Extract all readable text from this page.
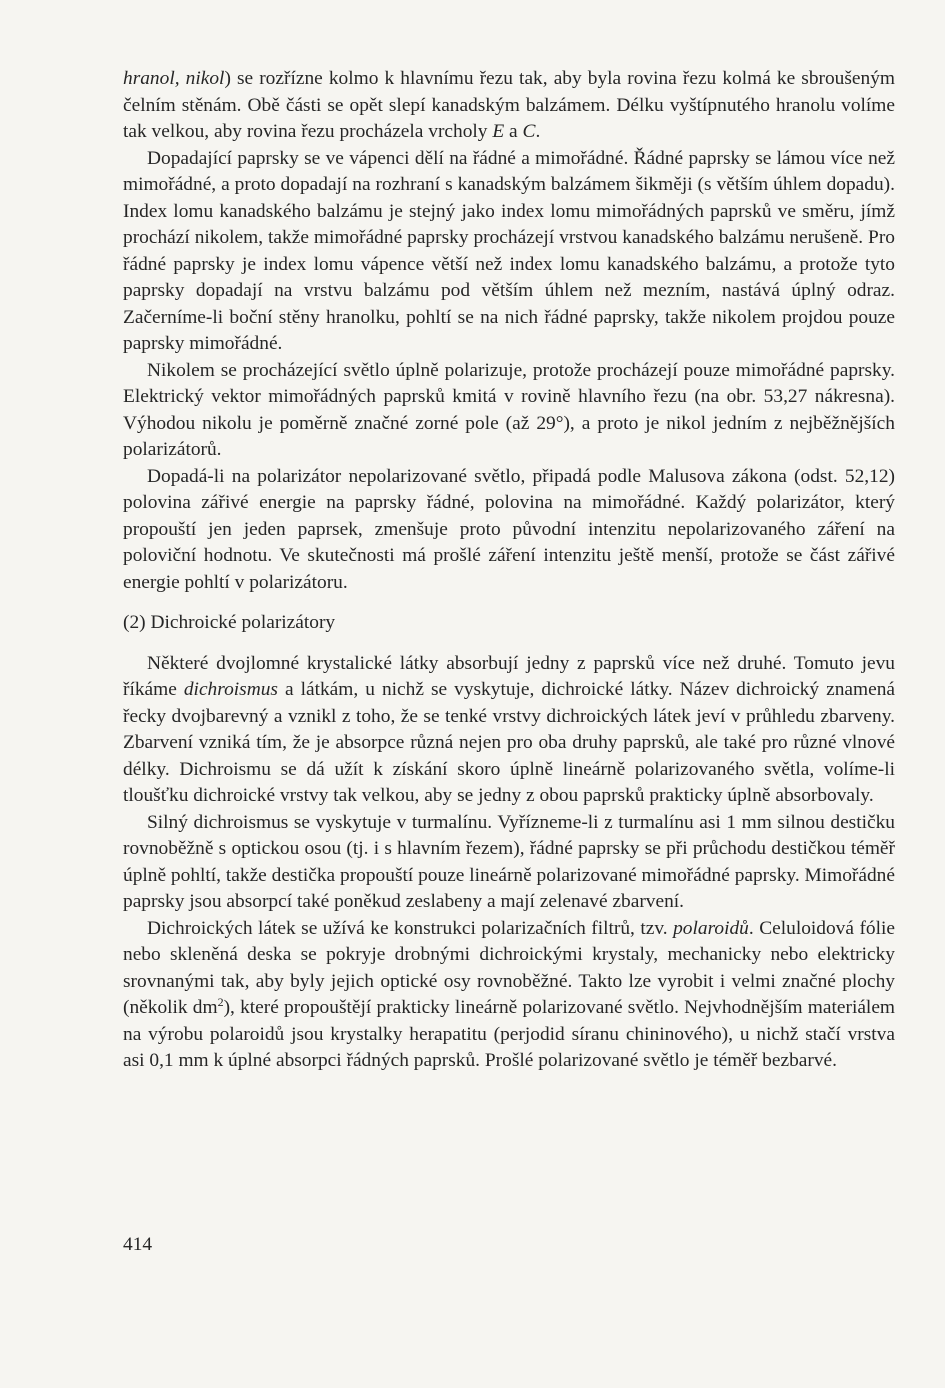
hranol, nikol) se rozřízne kolmo k hlavnímu řezu tak, aby byla rovina řezu kolmá ke sbroušeným čelním stěnám. Obě části se opět slepí kanadským balzámem. Délku vyštípnutého hranolu volíme tak velkou, aby rovina řezu procházela vrcholy E a C.

Dopadající paprsky se ve vápenci dělí na řádné a mimořádné. Řádné paprsky se lámou více než mimořádné, a proto dopadají na rozhraní s kanadským balzámem šikměji (s větším úhlem dopadu). Index lomu kanadského balzámu je stejný jako index lomu mimořádných paprsků ve směru, jímž prochází nikolem, takže mimořádné paprsky procházejí vrstvou kanadského balzámu nerušeně. Pro řádné paprsky je index lomu vápence větší než index lomu kanadského balzámu, a protože tyto paprsky dopadají na vrstvu balzámu pod větším úhlem než mezním, nastává úplný odraz. Začerníme-li boční stěny hranolku, pohltí se na nich řádné paprsky, takže nikolem projdou pouze paprsky mimořádné.

Nikolem se procházející světlo úplně polarizuje, protože procházejí pouze mimořádné paprsky. Elektrický vektor mimořádných paprsků kmitá v rovině hlavního řezu (na obr. 53,27 nákresna). Výhodou nikolu je poměrně značné zorné pole (až 29°), a proto je nikol jedním z nejběžnějších polarizátorů.

Dopadá-li na polarizátor nepolarizované světlo, připadá podle Malusova zákona (odst. 52,12) polovina zářivé energie na paprsky řádné, polovina na mimořádné. Každý polarizátor, který propouští jen jeden paprsek, zmenšuje proto původní intenzitu nepolarizovaného záření na poloviční hodnotu. Ve skutečnosti má prošlé záření intenzitu ještě menší, protože se část zářivé energie pohltí v polarizátoru.

(2) Dichroické polarizátory

Některé dvojlomné krystalické látky absorbují jedny z paprsků více než druhé. Tomuto jevu říkáme dichroismus a látkám, u nichž se vyskytuje, dichroické látky. Název dichroický znamená řecky dvojbarevný a vznikl z toho, že se tenké vrstvy dichroických látek jeví v průhledu zbarveny. Zbarvení vzniká tím, že je absorpce různá nejen pro oba druhy paprsků, ale také pro různé vlnové délky. Dichroismu se dá užít k získání skoro úplně lineárně polarizovaného světla, volíme-li tloušťku dichroické vrstvy tak velkou, aby se jedny z obou paprsků prakticky úplně absorbovaly.

Silný dichroismus se vyskytuje v turmalínu. Vyřízneme-li z turmalínu asi 1 mm silnou destičku rovnoběžně s optickou osou (tj. i s hlavním řezem), řádné paprsky se při průchodu destičkou téměř úplně pohltí, takže destička propouští pouze lineárně polarizované mimořádné paprsky. Mimořádné paprsky jsou absorpcí také poněkud zeslabeny a mají zelenavé zbarvení.

Dichroických látek se užívá ke konstrukci polarizačních filtrů, tzv. polaroidů. Celuloidová fólie nebo skleněná deska se pokryje drobnými dichroickými krystaly, mechanicky nebo elektricky srovnanými tak, aby byly jejich optické osy rovnoběžné. Takto lze vyrobit i velmi značné plochy (několik $dm^2$), které propouštějí prakticky lineárně polarizované světlo. Nejvhodnějším materiálem na výrobu polaroidů jsou krystalky herapatitu (perjodid síranu chininového), u nichž stačí vrstva asi 0,1 mm k úplné absorpci řádných paprsků. Prošlé polarizované světlo je téměř bezbarvé.

414
